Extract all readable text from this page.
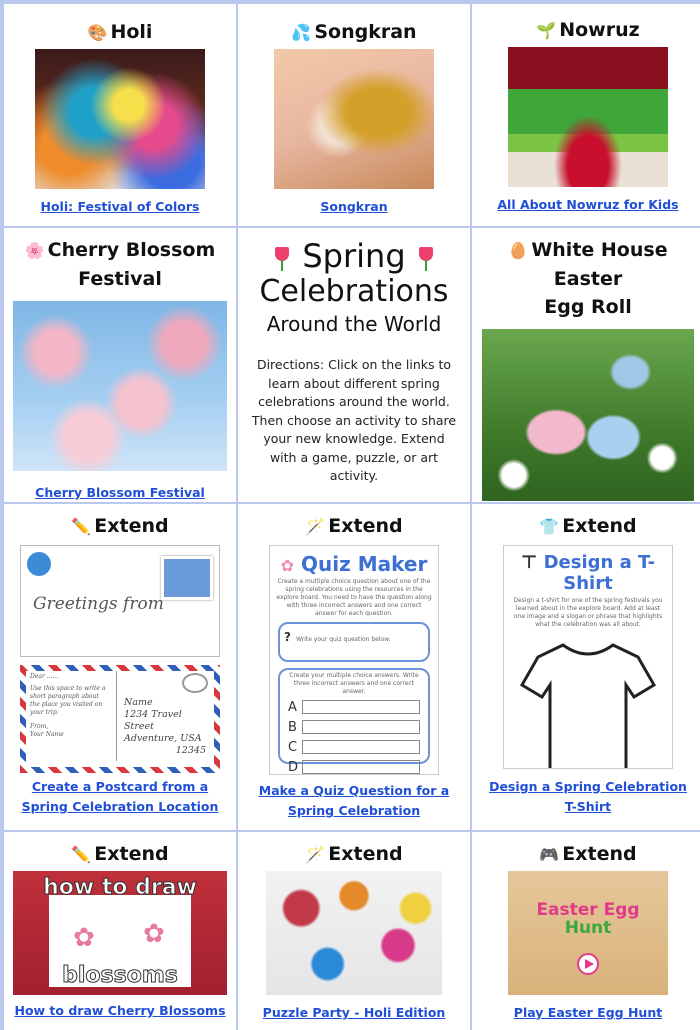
🎨 Holi
Holi: Festival of Colors
💦 Songkran
Songkran
🌱 Nowruz
All About Nowruz for Kids
🌸 Cherry Blossom
Festival
Cherry Blossom Festival
Spring
Celebrations
Around the World
Directions: Click on the links to learn about different spring celebrations around the world. Then choose an activity to share your new knowledge. Extend with a game, puzzle, or art activity.
🥚 White House Easter
Egg Roll
✏️ Extend
Greetings from
Dear ......
Use this space to write a short paragraph about the place you visited on your trip.
From,
Your Name
Name
1234 Travel Street
Adventure, USA
12345
Create a Postcard from a
Spring Celebration Location
🪄 Extend
✿ Quiz Maker
Create a multiple choice question about one of the spring celebrations using the resources in the explore board. You need to have the question along with three incorrect answers and one correct answer for each question.
? Write your quiz question below.
Create your multiple choice answers. Write three incorrect answers and one correct answer.
A
B
C
D
Make a Quiz Question for a
Spring Celebration
👕 Extend
⊤ Design a T-Shirt
Design a t-shirt for one of the spring festivals you learned about in the explore board. Add at least one image and a slogan or phrase that highlights what the celebration was all about.
Design a Spring Celebration
T-Shirt
✏️ Extend
how to draw
blossoms
✿ ✿
How to draw Cherry Blossoms
🪄 Extend
Puzzle Party - Holi Edition
🎮 Extend
Easter Egg
Hunt
Play Easter Egg Hunt
